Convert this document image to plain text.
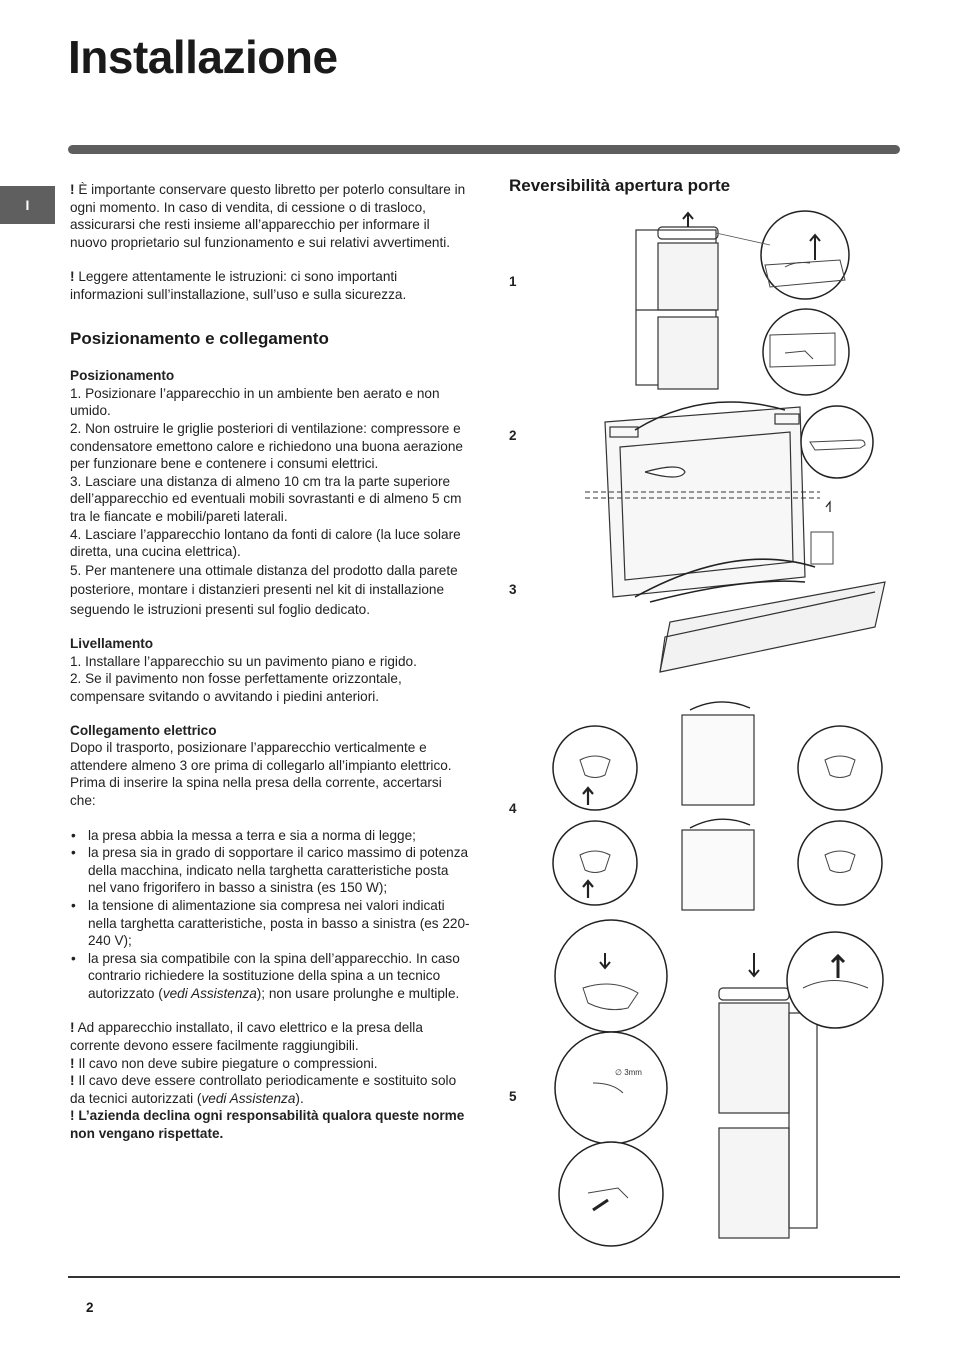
Installazione
I

! È importante conservare questo libretto per poterlo consultare in ogni momento. In caso di vendita, di cessione o di trasloco, assicurarsi che resti insieme all’apparecchio per informare il nuovo proprietario sul funzionamento e sui relativi avvertimenti.

! Leggere attentamente le istruzioni: ci sono importanti informazioni sull’installazione, sull’uso e sulla sicurezza.

Posizionamento e collegamento

Posizionamento

1. Posizionare l’apparecchio in un ambiente ben aerato e non umido.

2. Non ostruire le griglie posteriori di ventilazione: compressore e condensatore emettono calore e richiedono una buona aerazione per funzionare bene e contenere i consumi elettrici.

3. Lasciare una distanza di almeno 10 cm tra la parte superiore dell’apparecchio ed eventuali mobili sovrastanti e di almeno 5 cm tra le fiancate e mobili/pareti laterali.

4. Lasciare l’apparecchio lontano da fonti di calore (la luce solare diretta, una cucina elettrica).

5. Per mantenere una ottimale distanza del prodotto dalla parete posteriore, montare i distanzieri presenti nel kit di installazione seguendo le istruzioni presenti sul foglio dedicato.

Livellamento

1. Installare l’apparecchio su un pavimento piano e rigido.

2. Se il pavimento non fosse perfettamente orizzontale, compensare svitando o avvitando i piedini anteriori.

Collegamento elettrico

Dopo il trasporto, posizionare l’apparecchio verticalmente e attendere almeno 3 ore prima di collegarlo all’impianto elettrico. Prima di inserire la spina nella presa della corrente, accertarsi che:

• la presa abbia la messa a terra e sia a norma di legge;
• la presa sia in grado di sopportare il carico massimo di potenza della macchina, indicato nella targhetta caratteristiche posta nel vano frigorifero in basso a sinistra (es 150 W);
• la tensione di alimentazione sia compresa nei valori indicati nella targhetta caratteristiche, posta in basso a sinistra (es 220-240 V);
• la presa sia compatibile con la spina dell’apparecchio. In caso contrario richiedere la sostituzione della spina a un tecnico autorizzato (vedi Assistenza); non usare prolunghe e multiple.

! Ad apparecchio installato, il cavo elettrico e la presa della corrente devono essere facilmente raggiungibili.

! Il cavo non deve subire piegature o compressioni.

! Il cavo deve essere controllato periodicamente e sostituito solo da tecnici autorizzati (vedi Assistenza).

! L’azienda declina ogni responsabilità qualora queste norme non vengano rispettate.

Reversibilità apertura porte
1
2
3
4
5
∅ 3mm
2
